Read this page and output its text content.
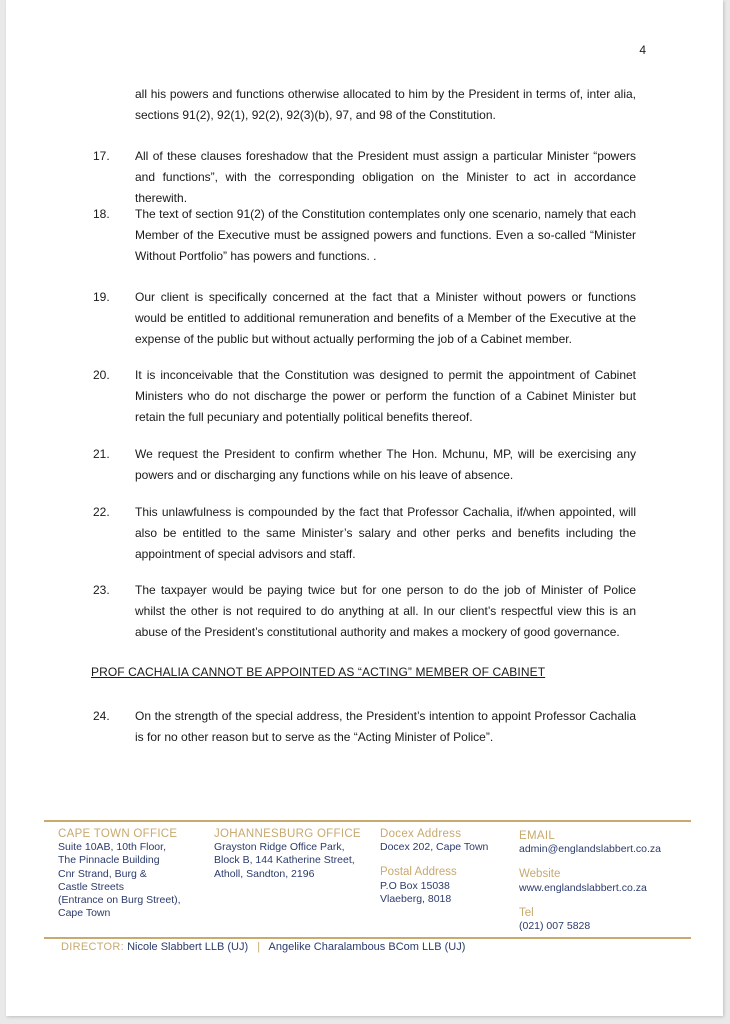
4
all his powers and functions otherwise allocated to him by the President in terms of, inter alia, sections 91(2), 92(1), 92(2), 92(3)(b), 97, and 98 of the Constitution.
17. All of these clauses foreshadow that the President must assign a particular Minister “powers and functions”, with the corresponding obligation on the Minister to act in accordance therewith.
18. The text of section 91(2) of the Constitution contemplates only one scenario, namely that each Member of the Executive must be assigned powers and functions. Even a so-called “Minister Without Portfolio” has powers and functions. .
19. Our client is specifically concerned at the fact that a Minister without powers or functions would be entitled to additional remuneration and benefits of a Member of the Executive at the expense of the public but without actually performing the job of a Cabinet member.
20. It is inconceivable that the Constitution was designed to permit the appointment of Cabinet Ministers who do not discharge the power or perform the function of a Cabinet Minister but retain the full pecuniary and potentially political benefits thereof.
21. We request the President to confirm whether The Hon. Mchunu, MP, will be exercising any powers and or discharging any functions while on his leave of absence.
22. This unlawfulness is compounded by the fact that Professor Cachalia, if/when appointed, will also be entitled to the same Minister’s salary and other perks and benefits including the appointment of special advisors and staff.
23. The taxpayer would be paying twice but for one person to do the job of Minister of Police whilst the other is not required to do anything at all. In our client’s respectful view this is an abuse of the President’s constitutional authority and makes a mockery of good governance.
PROF CACHALIA CANNOT BE APPOINTED AS “ACTING” MEMBER OF CABINET
24. On the strength of the special address, the President’s intention to appoint Professor Cachalia is for no other reason but to serve as the “Acting Minister of Police”.
CAPE TOWN OFFICE
Suite 10AB, 10th Floor,
The Pinnacle Building
Cnr Strand, Burg &
Castle Streets
(Entrance on Burg Street),
Cape Town
JOHANNESBURG OFFICE
Grayston Ridge Office Park,
Block B, 144 Katherine Street,
Atholl, Sandton, 2196
Docex Address
Docex 202, Cape Town
Postal Address
P.O Box 15038
Vlaeberg, 8018
EMAIL
admin@englandslabbert.co.za
Website
www.englandslabbert.co.za
Tel
(021) 007 5828
DIRECTOR: Nicole Slabbert LLB (UJ) | Angelike Charalambous BCom LLB (UJ)
